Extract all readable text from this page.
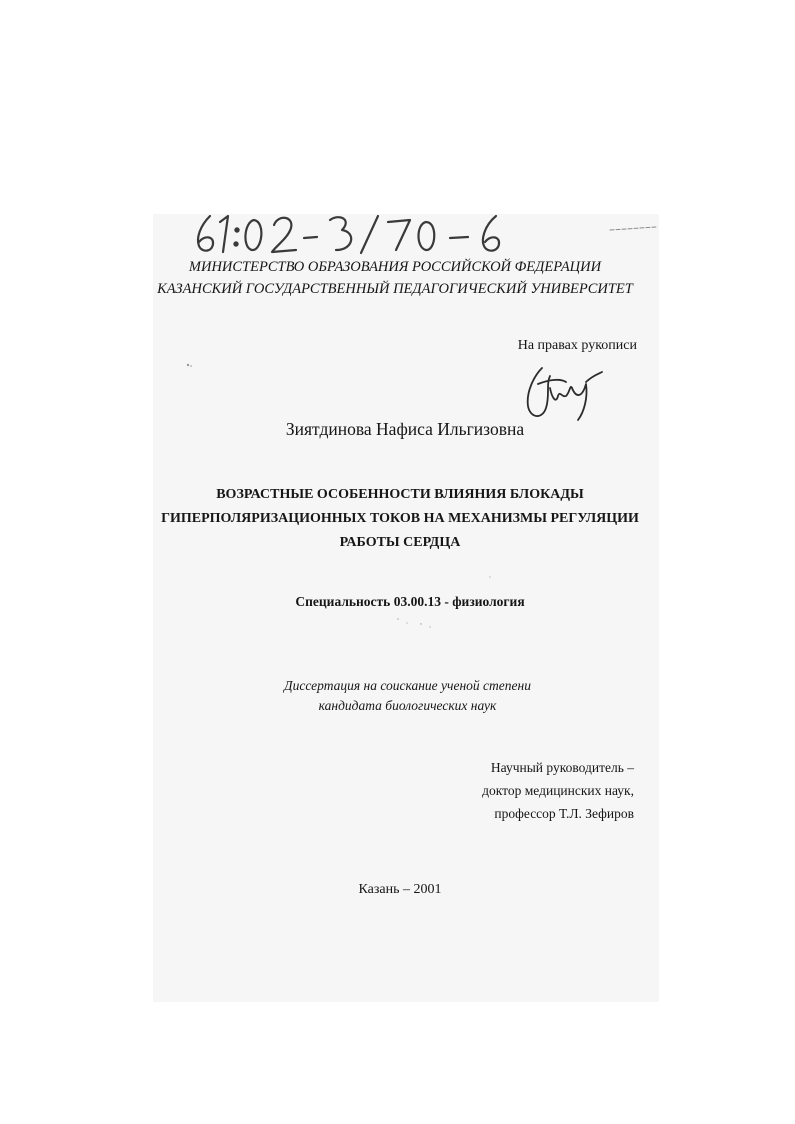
МИНИСТЕРСТВО ОБРАЗОВАНИЯ РОССИЙСКОЙ ФЕДЕРАЦИИ
КАЗАНСКИЙ ГОСУДАРСТВЕННЫЙ ПЕДАГОГИЧЕСКИЙ УНИВЕРСИТЕТ

На правах рукописи

Зиятдинова Нафиса Ильгизовна

ВОЗРАСТНЫЕ ОСОБЕННОСТИ ВЛИЯНИЯ БЛОКАДЫ
ГИПЕРПОЛЯРИЗАЦИОННЫХ ТОКОВ НА МЕХАНИЗМЫ РЕГУЛЯЦИИ
РАБОТЫ СЕРДЦА

Специальность 03.00.13 - физиология

Диссертация на соискание ученой степени
кандидата биологических наук

Научный руководитель –
доктор медицинских наук,
профессор Т.Л. Зефиров

Казань – 2001
